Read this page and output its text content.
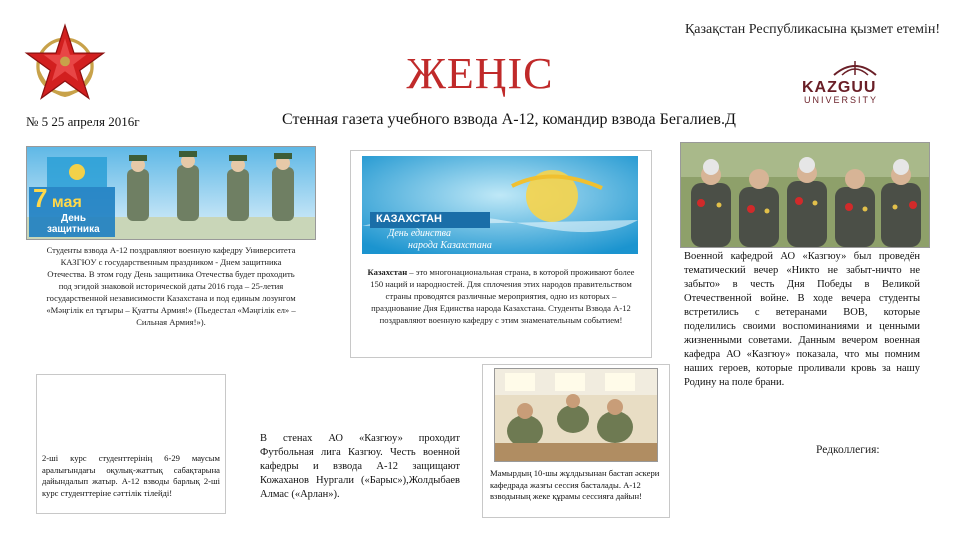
Қазақстан Республикасына қызмет етемін!
ЖЕҢІС	KAZGUU
UNIVERSITY
№ 5 25 апреля 2016г	Стенная газета учебного взвода А-12, командир взвода Бегалиев.Д
7 мая
День
защитника
Студенты взвода А-12 поздравляют военную кафедру Университета КАЗГЮУ с государственным праздником - Днем защитника Отечества. В этом году День защитника Отечества будет проходить под эгидой знаковой исторической даты 2016 года – 25-летия государственной независимости Казахстана и под единым лозунгом «Мәңгілік ел тұғыры – Қуатты Армия!» (Пьедестал «Мәңгілік ел» – Сильная Армия!»).
2-ші курс студенттерінің 6-29 маусым аралығындағы оқулық-жаттық сабақтарына дайындалып жатыр. А-12 взводы барлық 2-ші курс студенттеріне сәттілік тілейді!
КАЗАХСТАН
День единства
народа Казахстана
Казахстан – это многонациональная страна, в которой проживают более 150 наций и народностей. Для сплочения этих народов правительством страны проводятся различные мероприятия, одно из которых – празднование Дня Единства народа Казахстана. Студенты Взвода А-12 поздравляют военную кафедру с этим знаменательным событием!
В стенах АО «Казгюу» проходит Футбольная лига Казгюу. Честь военной кафедры и взвода А-12 защищают Кожаханов Нургали («Барыс»),Жолдыбаев Алмас («Арлан»).
Мамырдың 10-шы жұлдызынан бастап әскери кафедрада жазғы сессия басталады. А-12 взводының жеке құрамы сессияға дайын!
Военной кафедрой АО «Казгюу» был проведён тематический вечер «Никто не забыт-ничто не забыто» в честь Дня Победы в Великой Отечественной войне. В ходе вечера студенты встретились с ветеранами ВОВ, которые поделились своими воспоминаниями и ценными жизненными советами. Данным вечером военная кафедра АО «Казгюу» показала, что мы помним наших героев, которые проливали кровь за нашу Родину на поле брани.
Редколлегия:
